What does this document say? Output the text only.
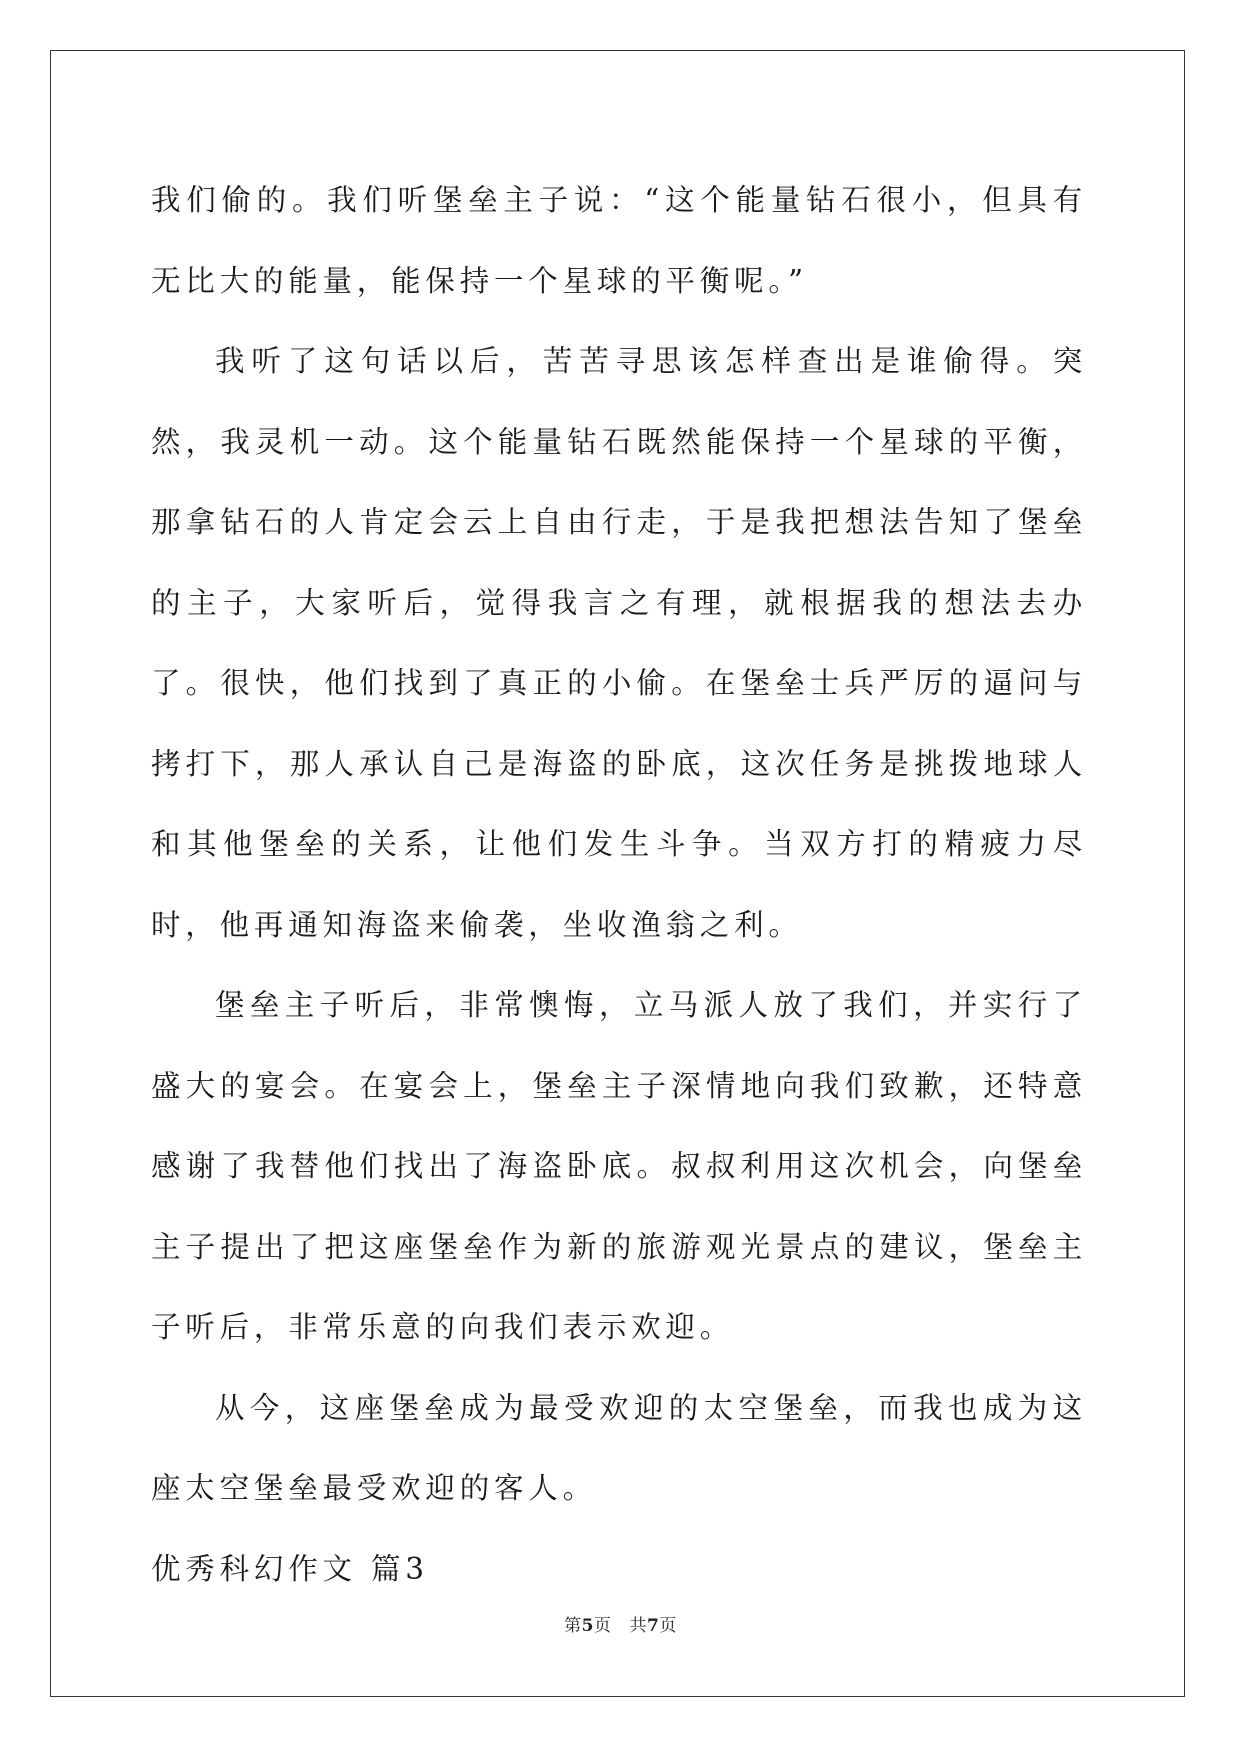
我们偷的。我们听堡垒主子说：“这个能量钻石很小，但具有无比大的能量，能保持一个星球的平衡呢。”

我听了这句话以后，苦苦寻思该怎样查出是谁偷得。突然，我灵机一动。这个能量钻石既然能保持一个星球的平衡，那拿钻石的人肯定会云上自由行走，于是我把想法告知了堡垒的主子，大家听后，觉得我言之有理，就根据我的想法去办了。很快，他们找到了真正的小偷。在堡垒士兵严厉的逼问与拷打下，那人承认自己是海盗的卧底，这次任务是挑拨地球人和其他堡垒的关系，让他们发生斗争。当双方打的精疲力尽时，他再通知海盗来偷袭，坐收渔翁之利。

堡垒主子听后，非常懊悔，立马派人放了我们，并实行了盛大的宴会。在宴会上，堡垒主子深情地向我们致歉，还特意感谢了我替他们找出了海盗卧底。叔叔利用这次机会，向堡垒主子提出了把这座堡垒作为新的旅游观光景点的建议，堡垒主子听后，非常乐意的向我们表示欢迎。

从今，这座堡垒成为最受欢迎的太空堡垒，而我也成为这座太空堡垒最受欢迎的客人。

优秀科幻作文 篇3

第5页 共7页
